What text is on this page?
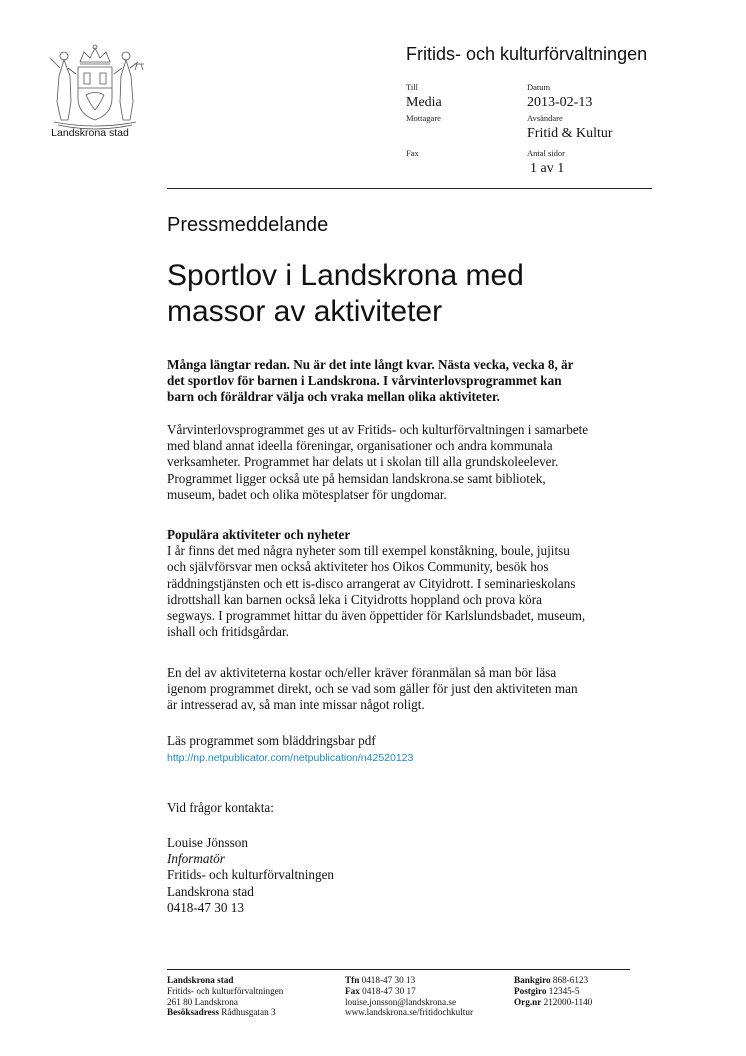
Landskrona stad
Fritids- och kulturförvaltningen
Till
Media
Mottagare
Fax
Datum
2013-02-13
Avsändare
Fritid & Kultur
Antal sidor
1 av 1
Pressmeddelande
Sportlov i Landskrona med
massor av aktiviteter
Många längtar redan. Nu är det inte långt kvar. Nästa vecka, vecka 8, är
det sportlov för barnen i Landskrona. I vårvinterlovsprogrammet kan
barn och föräldrar välja och vraka mellan olika aktiviteter.
Vårvinterlovsprogrammet ges ut av Fritids- och kulturförvaltningen i samarbete
med bland annat ideella föreningar, organisationer och andra kommunala
verksamheter. Programmet har delats ut i skolan till alla grundskoleelever.
Programmet ligger också ute på hemsidan landskrona.se samt bibliotek,
museum, badet och olika mötesplatser för ungdomar.
Populära aktiviteter och nyheter
I år finns det med några nyheter som till exempel konståkning, boule, jujitsu
och självförsvar men också aktiviteter hos Oikos Community, besök hos
räddningstjänsten och ett is-disco arrangerat av Cityidrott. I seminarieskolans
idrottshall kan barnen också leka i Cityidrotts hoppland och prova köra
segways. I programmet hittar du även öppettider för Karlslundsbadet, museum,
ishall och fritidsgårdar.
En del av aktiviteterna kostar och/eller kräver föranmälan så man bör läsa
igenom programmet direkt, och se vad som gäller för just den aktiviteten man
är intresserad av, så man inte missar något roligt.
Läs programmet som bläddringsbar pdf
http://np.netpublicator.com/netpublication/n42520123
Vid frågor kontakta:
Louise Jönsson
Informatör
Fritids- och kulturförvaltningen
Landskrona stad
0418-47 30 13
Landskrona stad
Fritids- och kulturförvaltningen
261 80 Landskrona
Besöksadress Rådhusgatan 3
Tfn 0418-47 30 13
Fax 0418-47 30 17
louise.jonsson@landskrona.se
www.landskrona.se/fritidochkultur
Bankgiro 868-6123
Postgiro 12345-5
Org.nr 212000-1140
